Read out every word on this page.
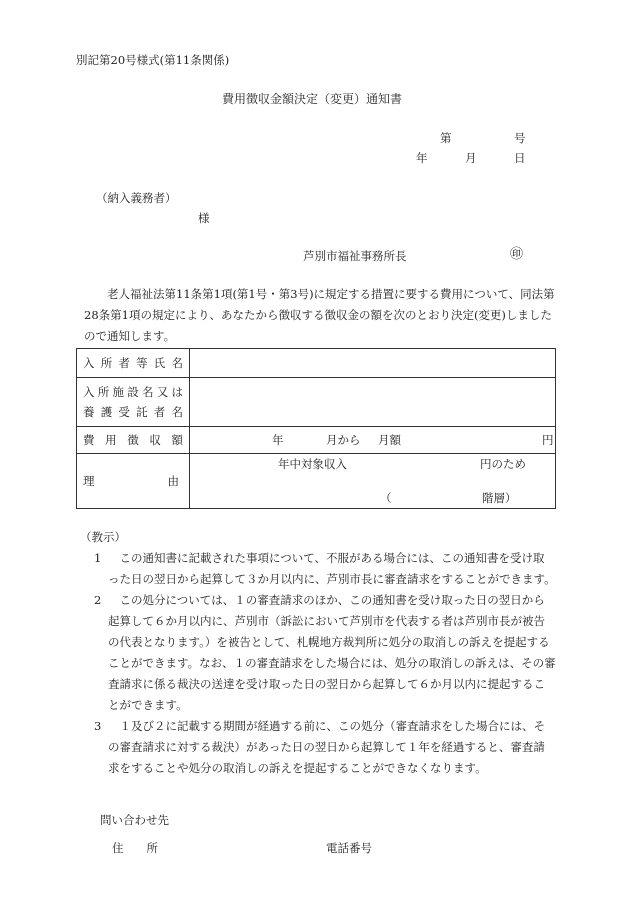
別記第20号様式(第11条関係)
費用徴収金額決定（変更）通知書
第	号
年	月	日
（納入義務者）
様
芦別市福祉事務所長	㊞

老人福祉法第11条第1項(第1号・第3号)に規定する措置に要する費用について、同法第28条第1項の規定により、あなたから徴収する徴収金の額を次のとおり決定(変更)しましたので通知します。

入所者等氏名	

入所施設名又は
養護受託者名	

費用徴収額	年 月から 月額 円

理 由	年中対象収入 円のため
（ 階層）
（教示）

1	この通知書に記載された事項について、不服がある場合には、この通知書を受け取った日の翌日から起算して３か月以内に、芦別市長に審査請求をすることができます。

2	この処分については、１の審査請求のほか、この通知書を受け取った日の翌日から起算して６か月以内に、芦別市（訴訟において芦別市を代表する者は芦別市長が被告の代表となります。）を被告として、札幌地方裁判所に処分の取消しの訴えを提起することができます。なお、１の審査請求をした場合には、処分の取消しの訴えは、その審査請求に係る裁決の送達を受け取った日の翌日から起算して６か月以内に提起することができます。

3	１及び２に記載する期間が経過する前に、この処分（審査請求をした場合には、その審査請求に対する裁決）があった日の翌日から起算して１年を経過すると、審査請求をすることや処分の取消しの訴えを提起することができなくなります。

問い合わせ先
住　　所	電話番号
